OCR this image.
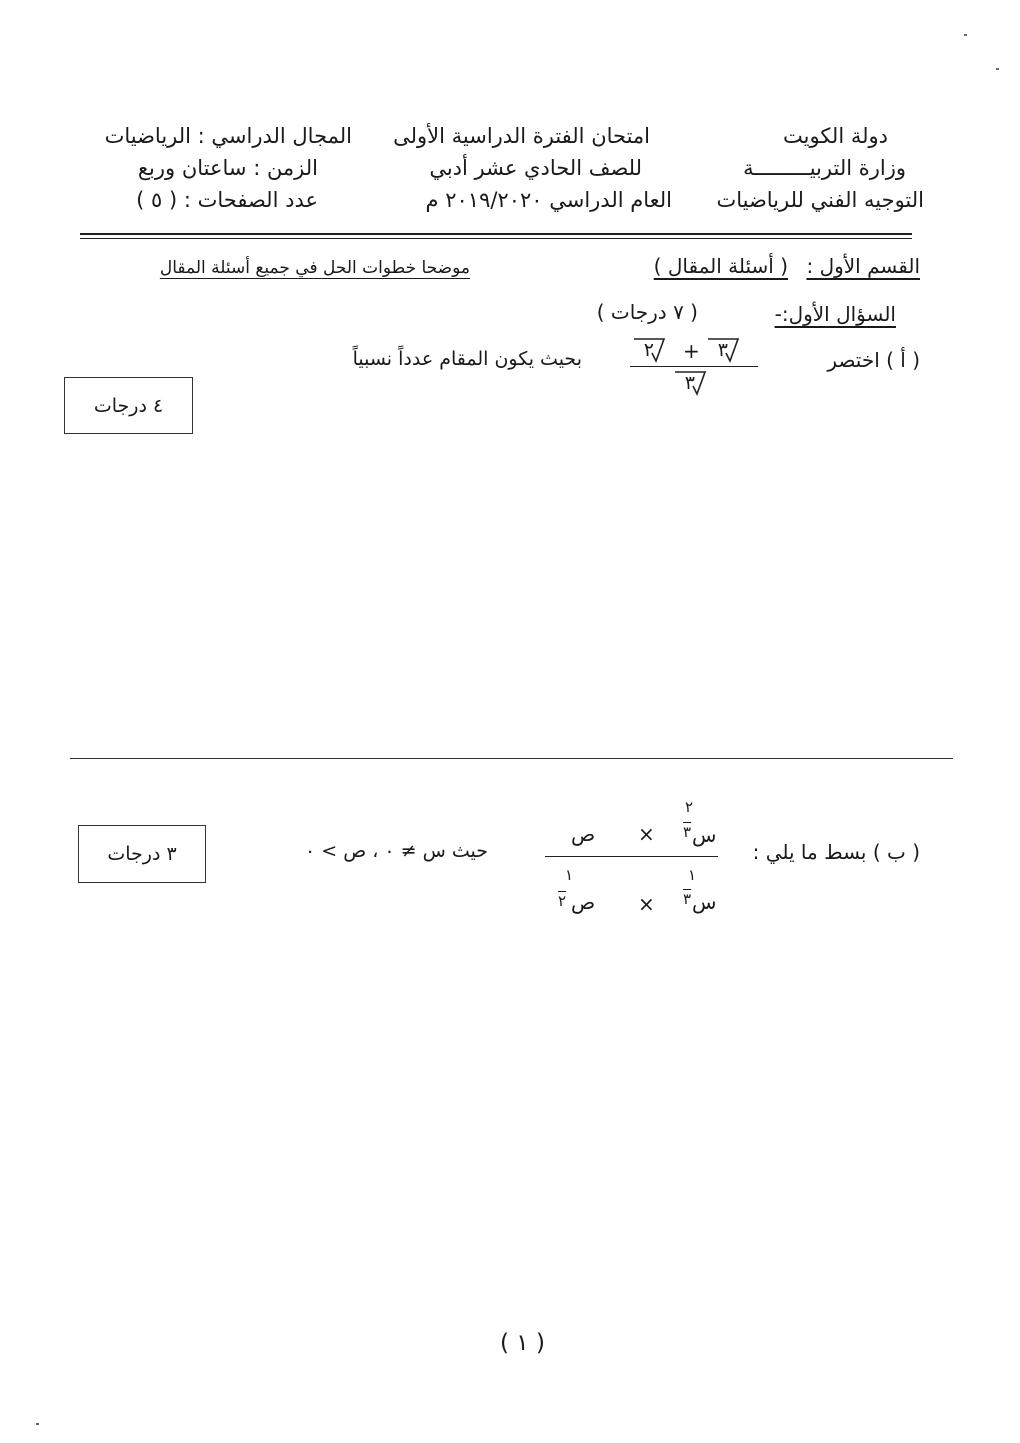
دولة الكويت
وزارة التربيـــــــــة
التوجيه الفني للرياضيات
امتحان الفترة الدراسية الأولى
للصف الحادي عشر أدبي
العام الدراسي ٢٠١٩/٢٠٢٠ م
المجال الدراسي : الرياضيات
الزمن : ساعتان وربع
عدد الصفحات : ( ٥ )
القسم الأول :
( أسئلة المقال )
موضحا خطوات الحل في جميع أسئلة المقال
السؤال الأول:-
( ٧ درجات )
( أ ) اختصر
٢ + ٣
٣
بحيث يكون المقام عدداً نسبياً
٤ درجات
( ب ) بسط ما يلي :
٢
س
٣
×
ص
١
س
٣
×
١
ص
٢
حيث س ≠ ٠ ، ص > ٠
٣ درجات
( ١ )
